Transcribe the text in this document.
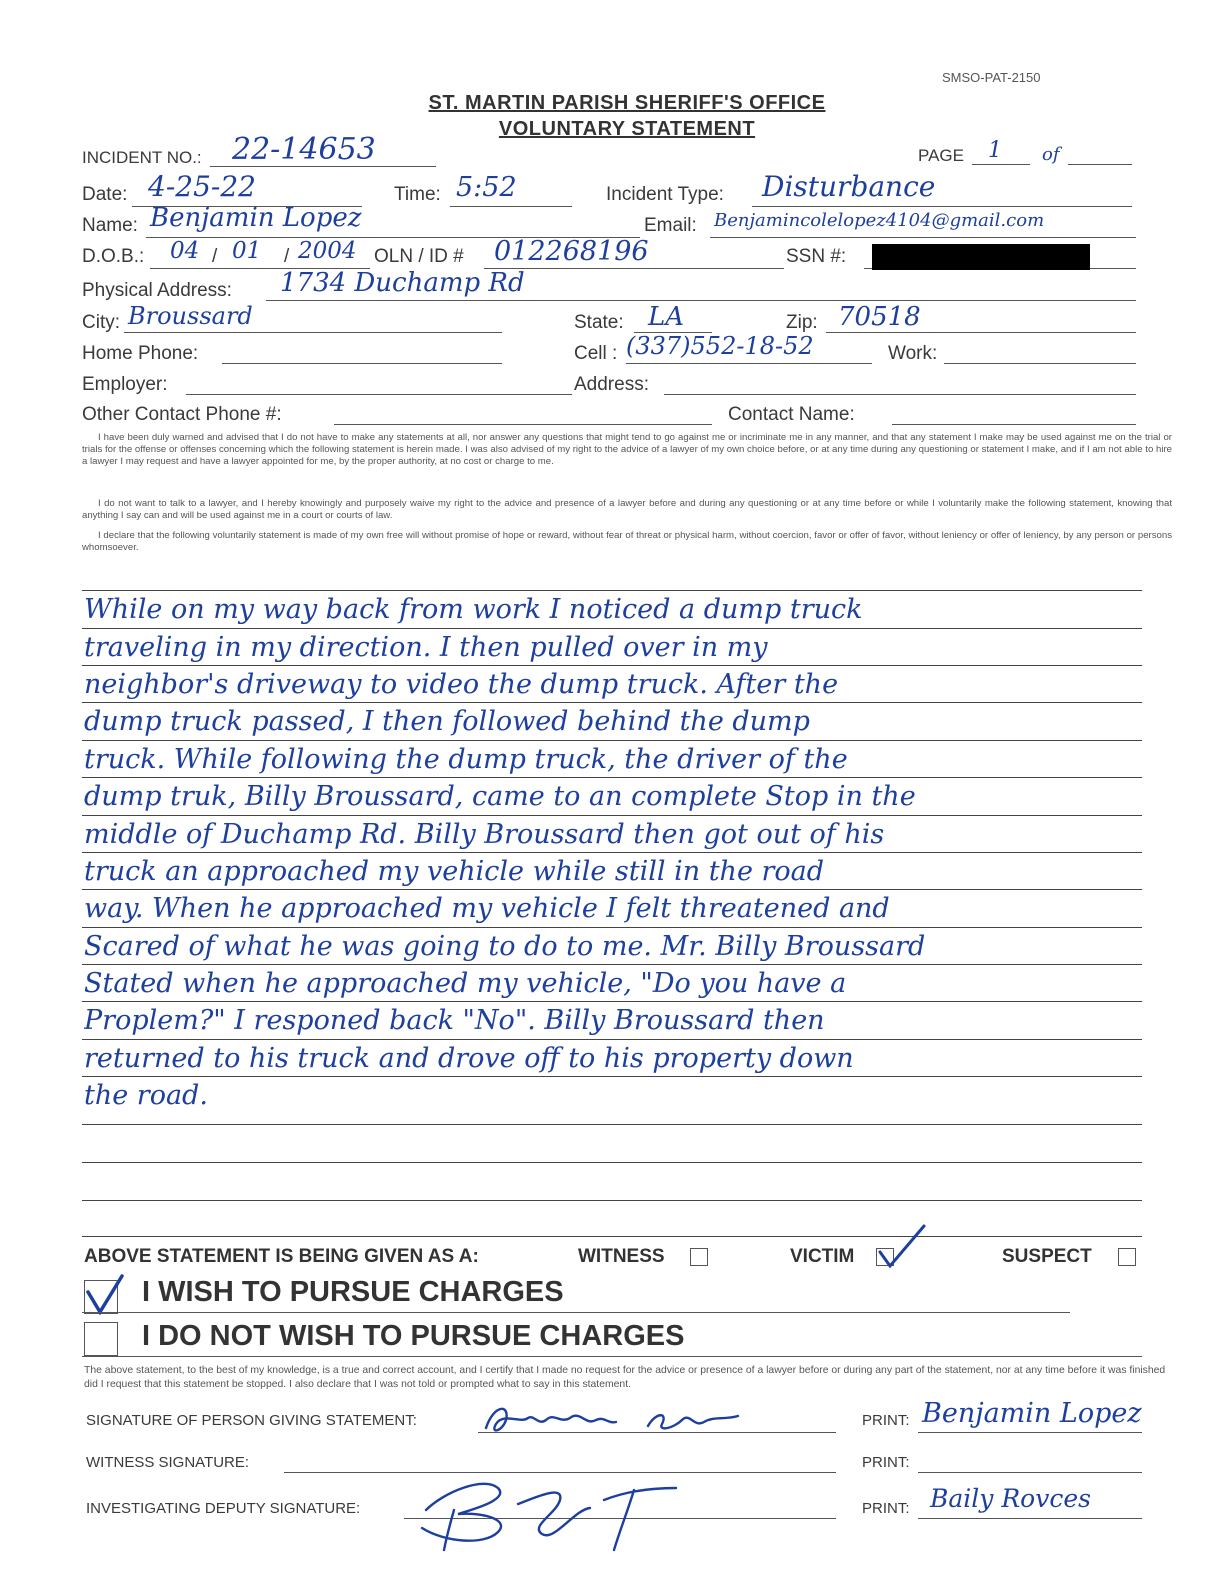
SMSO-PAT-2150
ST. MARTIN PARISH SHERIFF'S OFFICE
VOLUNTARY STATEMENT
INCIDENT NO.: 22-14653	PAGE 1 of
Date: 4-25-22	Time: 5:52	Incident Type: Disturbance
Name: Benjamin Lopez	Email: Benjamincolelopez4104@gmail.com
D.O.B.: 04 / 01 / 2004 OLN / ID # 012268196	SSN #:
Physical Address: 1734 Duchamp Rd
City: Broussard	State: LA	Zip: 70518
Home Phone:	Cell : (337)552-18-52	Work:
Employer:	Address:
Other Contact Phone #:	Contact Name:
I have been duly warned and advised that I do not have to make any statements at all, nor answer any questions that might tend to go against me or incriminate me in any manner, and that any statement I make may be used against me on the trial or trials for the offense or offenses concerning which the following statement is herein made. I was also advised of my right to the advice of a lawyer of my own choice before, or at any time during any questioning or statement I make, and if I am not able to hire a lawyer I may request and have a lawyer appointed for me, by the proper authority, at no cost or charge to me.
I do not want to talk to a lawyer, and I hereby knowingly and purposely waive my right to the advice and presence of a lawyer before and during any questioning or at any time before or while I voluntarily make the following statement, knowing that anything I say can and will be used against me in a court or courts of law.
I declare that the following voluntarily statement is made of my own free will without promise of hope or reward, without fear of threat or physical harm, without coercion, favor or offer of favor, without leniency or offer of leniency, by any person or persons whomsoever.
While on my way back from work I noticed a dump truck
traveling in my direction. I then pulled over in my
neighbor's driveway to video the dump truck. After the
dump truck passed, I then followed behind the dump
truck. While following the dump truck, the driver of the
dump truk, Billy Broussard, came to an complete Stop in the
middle of Duchamp Rd. Billy Broussard then got out of his
truck an approached my vehicle while still in the road
way. When he approached my vehicle I felt threatened and
Scared of what he was going to do to me. Mr. Billy Broussard
Stated when he approached my vehicle, "Do you have a
Proplem?" I responed back "No". Billy Broussard then
returned to his truck and drove off to his property down
the road.
ABOVE STATEMENT IS BEING GIVEN AS A:	WITNESS	VICTIM	SUSPECT
I WISH TO PURSUE CHARGES
I DO NOT WISH TO PURSUE CHARGES
The above statement, to the best of my knowledge, is a true and correct account, and I certify that I made no request for the advice or presence of a lawyer before or during any part of the statement, nor at any time before it was finished did I request that this statement be stopped. I also declare that I was not told or prompted what to say in this statement.
SIGNATURE OF PERSON GIVING STATEMENT:	PRINT: Benjamin Lopez
WITNESS SIGNATURE:	PRINT:
INVESTIGATING DEPUTY SIGNATURE:	PRINT: Baily Rovces
